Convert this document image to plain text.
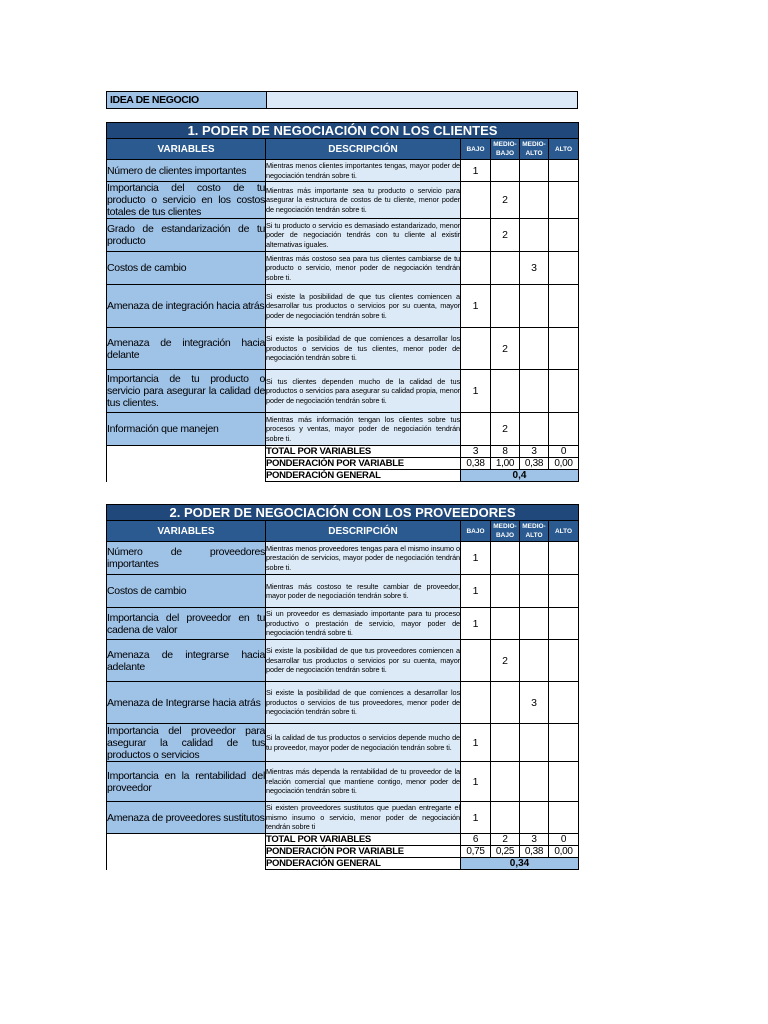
IDEA DE NEGOCIO	
1. PODER DE NEGOCIACIÓN CON LOS CLIENTES					
VARIABLES	DESCRIPCIÓN	BAJO	MEDIO-BAJO	MEDIO-ALTO	ALTO
Número de clientes importantes	Mientras menos clientes importantes tengas, mayor poder de negociación tendrán sobre ti.	1			
Importancia del costo de tu producto o servicio en los costos totales de tus clientes	Mientras más importante sea tu producto o servicio para asegurar la estructura de costos de tu cliente, menor poder de negociación tendrán sobre ti.		2		
Grado de estandarización de tu producto	Si tu producto o servicio es demasiado estandarizado, menor poder de negociación tendrás con tu cliente al existir alternativas iguales.		2		
Costos de cambio	Mientras más costoso sea para tus clientes cambiarse de tu producto o servicio, menor poder de negociación tendrán sobre ti.			3	
Amenaza de integración hacia atrás	Si existe la posibilidad de que tus clientes comiencen a desarrollar tus productos o servicios por su cuenta, mayor poder de negociación tendrán sobre ti.	1			
Amenaza de integración hacia delante	Si existe la posibilidad de que comiences a desarrollar los productos o servicios de tus clientes, menor poder de negociación tendrán sobre ti.		2		
Importancia de tu producto o servicio para asegurar la calidad de tus clientes.	Si tus clientes dependen mucho de la calidad de tus productos o servicios para asegurar su calidad propia, menor poder de negociación tendrán sobre ti.	1			
Información que manejen	Mientras más información tengan los clientes sobre tus procesos y ventas, mayor poder de negociación tendrán sobre ti.		2		
	TOTAL POR VARIABLES	3	8	3	0
	PONDERACIÓN POR VARIABLE	0,38	1,00	0,38	0,00
	PONDERACIÓN GENERAL	0,4			
2. PODER DE NEGOCIACIÓN CON LOS PROVEEDORES					
VARIABLES	DESCRIPCIÓN	BAJO	MEDIO-BAJO	MEDIO-ALTO	ALTO
Número de proveedores importantes	Mientras menos proveedores tengas para el mismo insumo o prestación de servicios, mayor poder de negociación tendrán sobre ti.	1			
Costos de cambio	Mientras más costoso te resulte cambiar de proveedor, mayor poder de negociación tendrán sobre ti.	1			
Importancia del proveedor en tu cadena de valor	Si un proveedor es demasiado importante para tu proceso productivo o prestación de servicio, mayor poder de negociación tendrá sobre ti.	1			
Amenaza de integrarse hacia adelante	Si existe la posibilidad de que tus proveedores comiencen a desarrollar tus productos o servicios por su cuenta, mayor poder de negociación tendrán sobre ti.		2		
Amenaza de Integrarse hacia atrás	Si existe la posibilidad de que comiences a desarrollar los productos o servicios de tus proveedores, menor poder de negociación tendrán sobre ti.			3	
Importancia del proveedor para asegurar la calidad de tus productos o servicios	Si la calidad de tus productos o servicios depende mucho de tu proveedor, mayor poder de negociación tendrán sobre ti.	1			
Importancia en la rentabilidad del proveedor	Mientras más dependa la rentabilidad de tu proveedor de la relación comercial que mantiene contigo, menor poder de negociación tendrán sobre ti.	1			
Amenaza de proveedores sustitutos	Si existen proveedores sustitutos que puedan entregarte el mismo insumo o servicio, menor poder de negociación tendrán sobre ti	1			
	TOTAL POR VARIABLES	6	2	3	0
	PONDERACIÓN POR VARIABLE	0,75	0,25	0,38	0,00
	PONDERACIÓN GENERAL	0,34			
